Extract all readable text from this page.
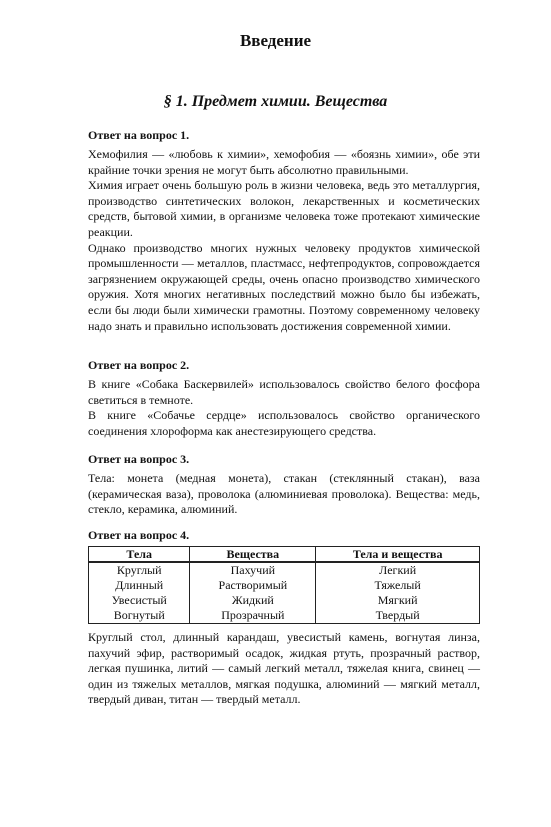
Введение
§ 1. Предмет химии. Вещества

Ответ на вопрос 1.

Хемофилия — «любовь к химии», хемофобия — «боязнь химии», обе эти крайние точки зрения не могут быть абсолютно правильными.

Химия играет очень большую роль в жизни человека, ведь это металлургия, производство синтетических волокон, лекарственных и косметических средств, бытовой химии, в организме человека тоже протекают химические реакции.

Однако производство многих нужных человеку продуктов химической промышленности — металлов, пластмасс, нефтепродуктов, сопровождается загрязнением окружающей среды, очень опасно производство химического оружия. Хотя многих негативных последствий можно было бы избежать, если бы люди были химически грамотны. Поэтому современному человеку надо знать и правильно использовать достижения современной химии.

Ответ на вопрос 2.

В книге «Собака Баскервилей» использовалось свойство белого фосфора светиться в темноте.

В книге «Собачье сердце» использовалось свойство органического соединения хлороформа как анестезирующего средства.

Ответ на вопрос 3.

Тела: монета (медная монета), стакан (стеклянный стакан), ваза (керамическая ваза), проволока (алюминиевая проволока). Вещества: медь, стекло, керамика, алюминий.

Ответ на вопрос 4.

Тела	Вещества	Тела и вещества
Круглый	Пахучий	Легкий
Длинный	Растворимый	Тяжелый
Увесистый	Жидкий	Мягкий
Вогнутый	Прозрачный	Твердый

Круглый стол, длинный карандаш, увесистый камень, вогнутая линза, пахучий эфир, растворимый осадок, жидкая ртуть, прозрачный раствор, легкая пушинка, литий — самый легкий металл, тяжелая книга, свинец — один из тяжелых металлов, мягкая подушка, алюминий — мягкий металл, твердый диван, титан — твердый металл.
